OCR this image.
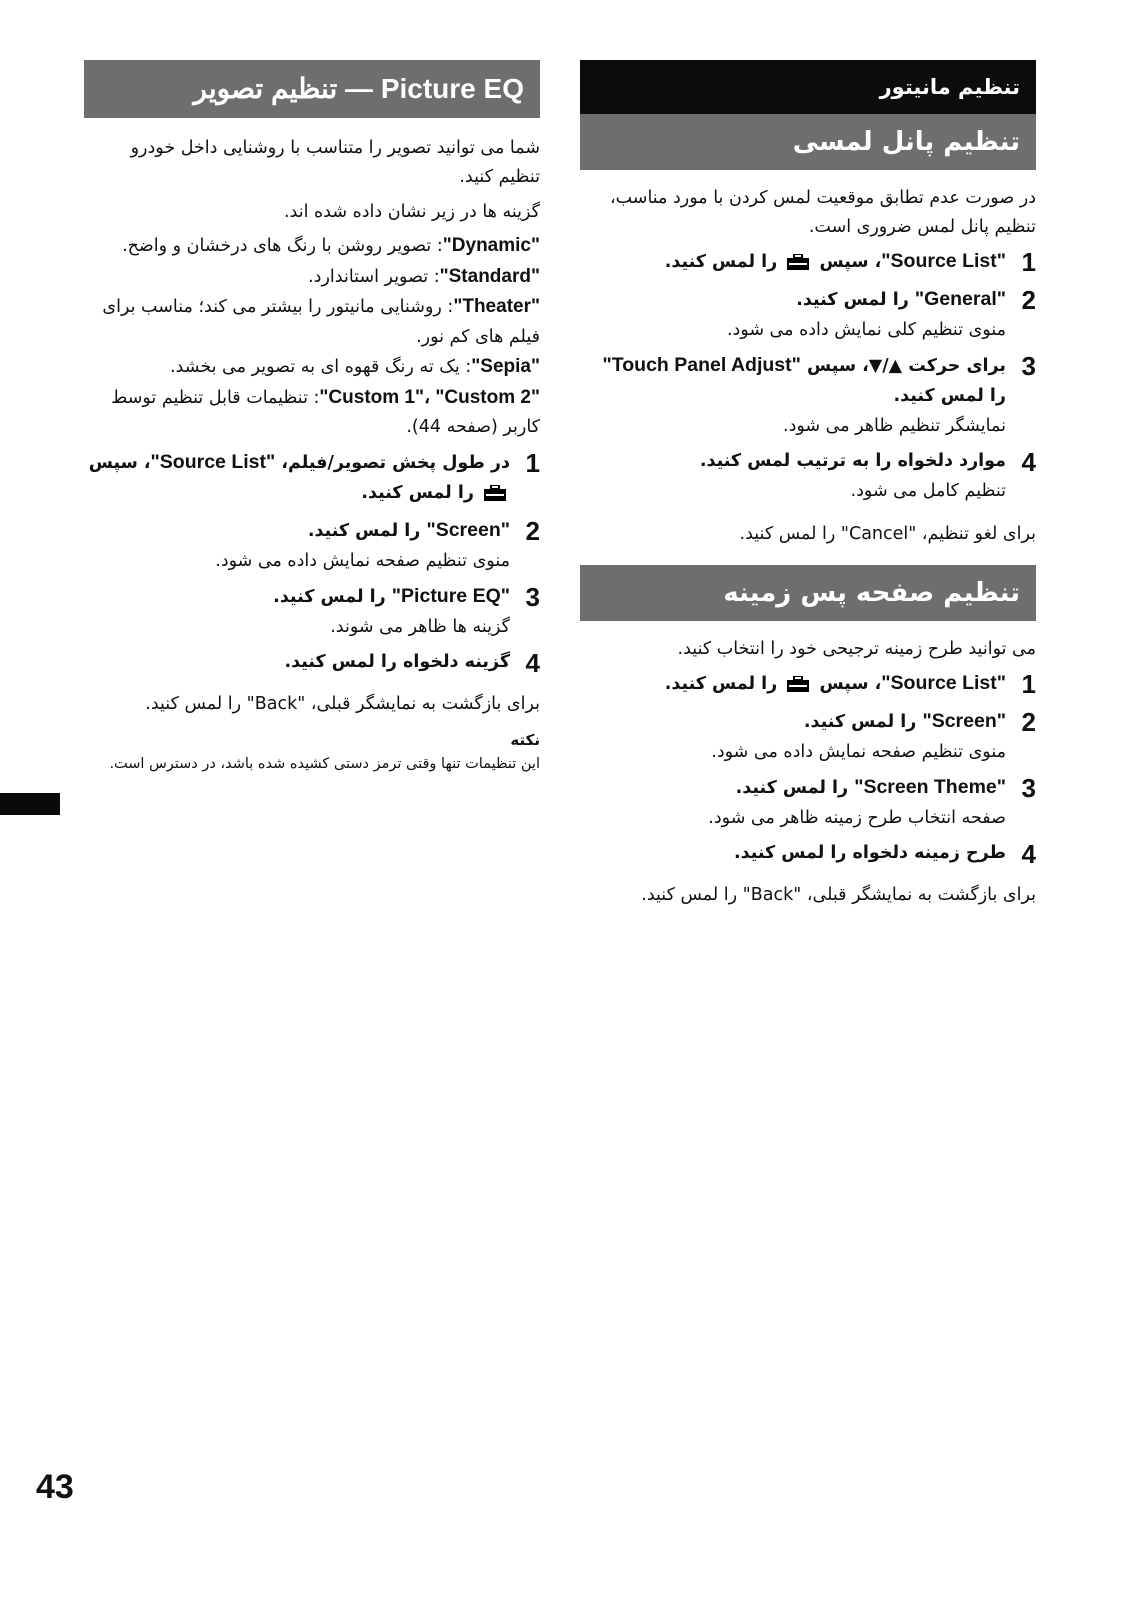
Picture EQ — تنظیم تصویر

شما می توانید تصویر را متناسب با روشنایی داخل خودرو تنظیم کنید.

گزینه ها در زیر نشان داده شده اند.

"Dynamic": تصویر روشن با رنگ های درخشان و واضح.

"Standard": تصویر استاندارد.

"Theater": روشنایی مانیتور را بیشتر می کند؛ مناسب برای فیلم های کم نور.

"Sepia": یک ته رنگ قهوه ای به تصویر می بخشد.

"Custom 1"، "Custom 2": تنظیمات قابل تنظیم توسط کاربر (صفحه 44).

1
در طول پخش تصویر/فیلم، "Source List"، سپس  را لمس کنید.
2
"Screen" را لمس کنید.

منوی تنظیم صفحه نمایش داده می شود.

3
"Picture EQ" را لمس کنید.

گزینه ها ظاهر می شوند.

4
گزینه دلخواه را لمس کنید.

برای بازگشت به نمایشگر قبلی، "Back" را لمس کنید.

نکته

این تنظیمات تنها وقتی ترمز دستی کشیده شده باشد، در دسترس است.

تنظیم مانیتور
تنظیم پانل لمسی

در صورت عدم تطابق موقعیت لمس کردن با مورد مناسب، تنظیم پانل لمس ضروری است.

1
"Source List"، سپس  را لمس کنید.
2
"General" را لمس کنید.

منوی تنظیم کلی نمایش داده می شود.

3
برای حرکت ▲/▼، سپس "Touch Panel Adjust"
را لمس کنید.

نمایشگر تنظیم ظاهر می شود.

4
موارد دلخواه را به ترتیب لمس کنید.

تنظیم کامل می شود.

برای لغو تنظیم، "Cancel" را لمس کنید.

تنظیم صفحه پس زمینه

می توانید طرح زمینه ترجیحی خود را انتخاب کنید.

1
"Source List"، سپس  را لمس کنید.
2
"Screen" را لمس کنید.

منوی تنظیم صفحه نمایش داده می شود.

3
"Screen Theme" را لمس کنید.

صفحه انتخاب طرح زمینه ظاهر می شود.

4
طرح زمینه دلخواه را لمس کنید.

برای بازگشت به نمایشگر قبلی، "Back" را لمس کنید.

43
